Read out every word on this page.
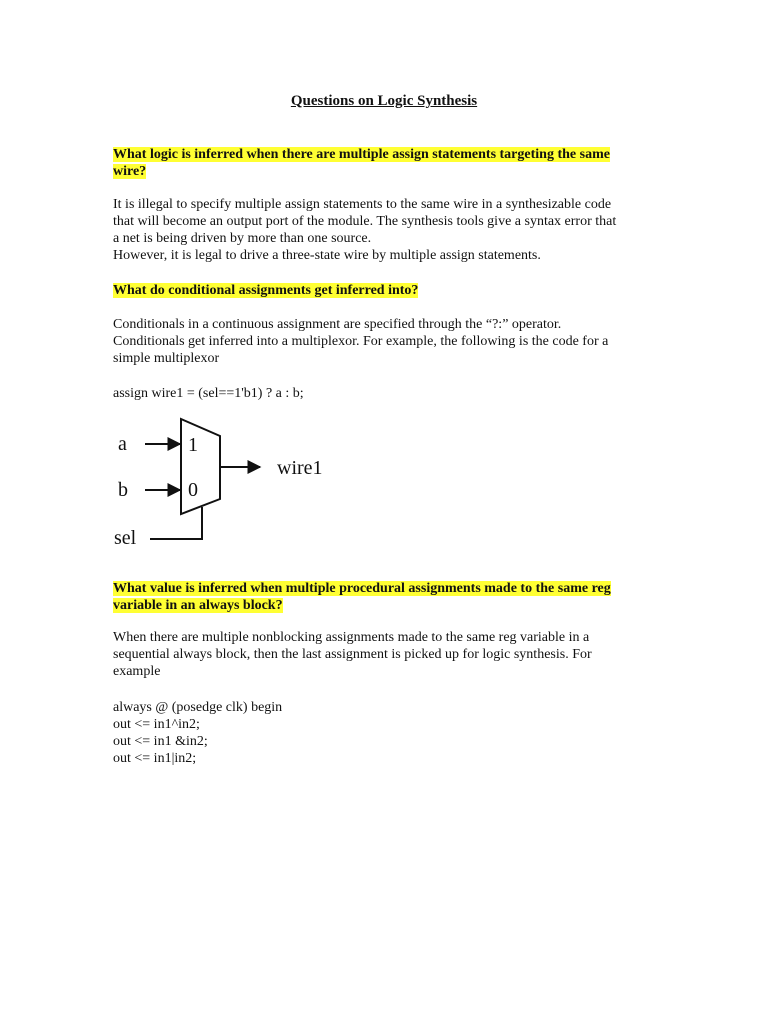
Questions on Logic Synthesis
What logic is inferred when there are multiple assign statements targeting the same
wire?
It is illegal to specify multiple assign statements to the same wire in a synthesizable code
that will become an output port of the module. The synthesis tools give a syntax error that
a net is being driven by more than one source.
However, it is legal to drive a three-state wire by multiple assign statements.
What do conditional assignments get inferred into?
Conditionals in a continuous assignment are specified through the “?:” operator.
Conditionals get inferred into a multiplexor. For example, the following is the code for a
simple multiplexor
assign wire1 = (sel==1'b1) ? a : b;
a	1
b	0
wire1
sel
What value is inferred when multiple procedural assignments made to the same reg
variable in an always block?
When there are multiple nonblocking assignments made to the same reg variable in a
sequential always block, then the last assignment is picked up for logic synthesis. For
example
always @ (posedge clk) begin
out <= in1^in2;
out <= in1 &in2;
out <= in1|in2;
